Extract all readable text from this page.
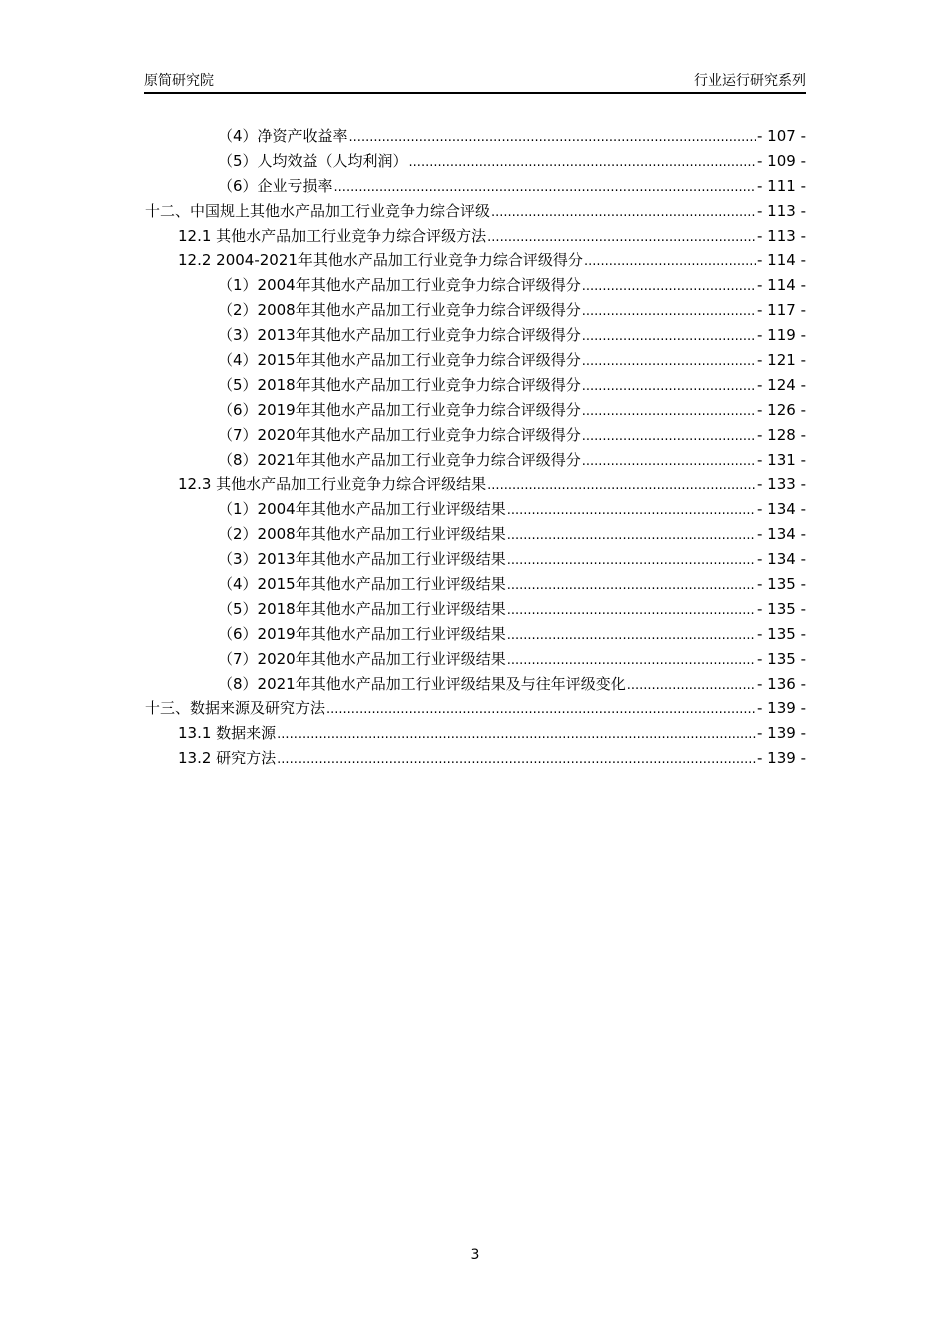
原简研究院	行业运行研究系列
（4）净资产收益率 .....	- 107 -
（5）人均效益（人均利润） .....	- 109 -
（6）企业亏损率 .....	- 111 -
十二、中国规上其他水产品加工行业竞争力综合评级 .....	- 113 -
12.1 其他水产品加工行业竞争力综合评级方法 .....	- 113 -
12.2 2004-2021年其他水产品加工行业竞争力综合评级得分 .....	- 114 -
（1）2004年其他水产品加工行业竞争力综合评级得分 .....	- 114 -
（2）2008年其他水产品加工行业竞争力综合评级得分 .....	- 117 -
（3）2013年其他水产品加工行业竞争力综合评级得分 .....	- 119 -
（4）2015年其他水产品加工行业竞争力综合评级得分 .....	- 121 -
（5）2018年其他水产品加工行业竞争力综合评级得分 .....	- 124 -
（6）2019年其他水产品加工行业竞争力综合评级得分 .....	- 126 -
（7）2020年其他水产品加工行业竞争力综合评级得分 .....	- 128 -
（8）2021年其他水产品加工行业竞争力综合评级得分 .....	- 131 -
12.3 其他水产品加工行业竞争力综合评级结果 .....	- 133 -
（1）2004年其他水产品加工行业评级结果 .....	- 134 -
（2）2008年其他水产品加工行业评级结果 .....	- 134 -
（3）2013年其他水产品加工行业评级结果 .....	- 134 -
（4）2015年其他水产品加工行业评级结果 .....	- 135 -
（5）2018年其他水产品加工行业评级结果 .....	- 135 -
（6）2019年其他水产品加工行业评级结果 .....	- 135 -
（7）2020年其他水产品加工行业评级结果 .....	- 135 -
（8）2021年其他水产品加工行业评级结果及与往年评级变化 .....	- 136 -
十三、数据来源及研究方法 .....	- 139 -
13.1 数据来源 .....	- 139 -
13.2 研究方法 .....	- 139 -
3
